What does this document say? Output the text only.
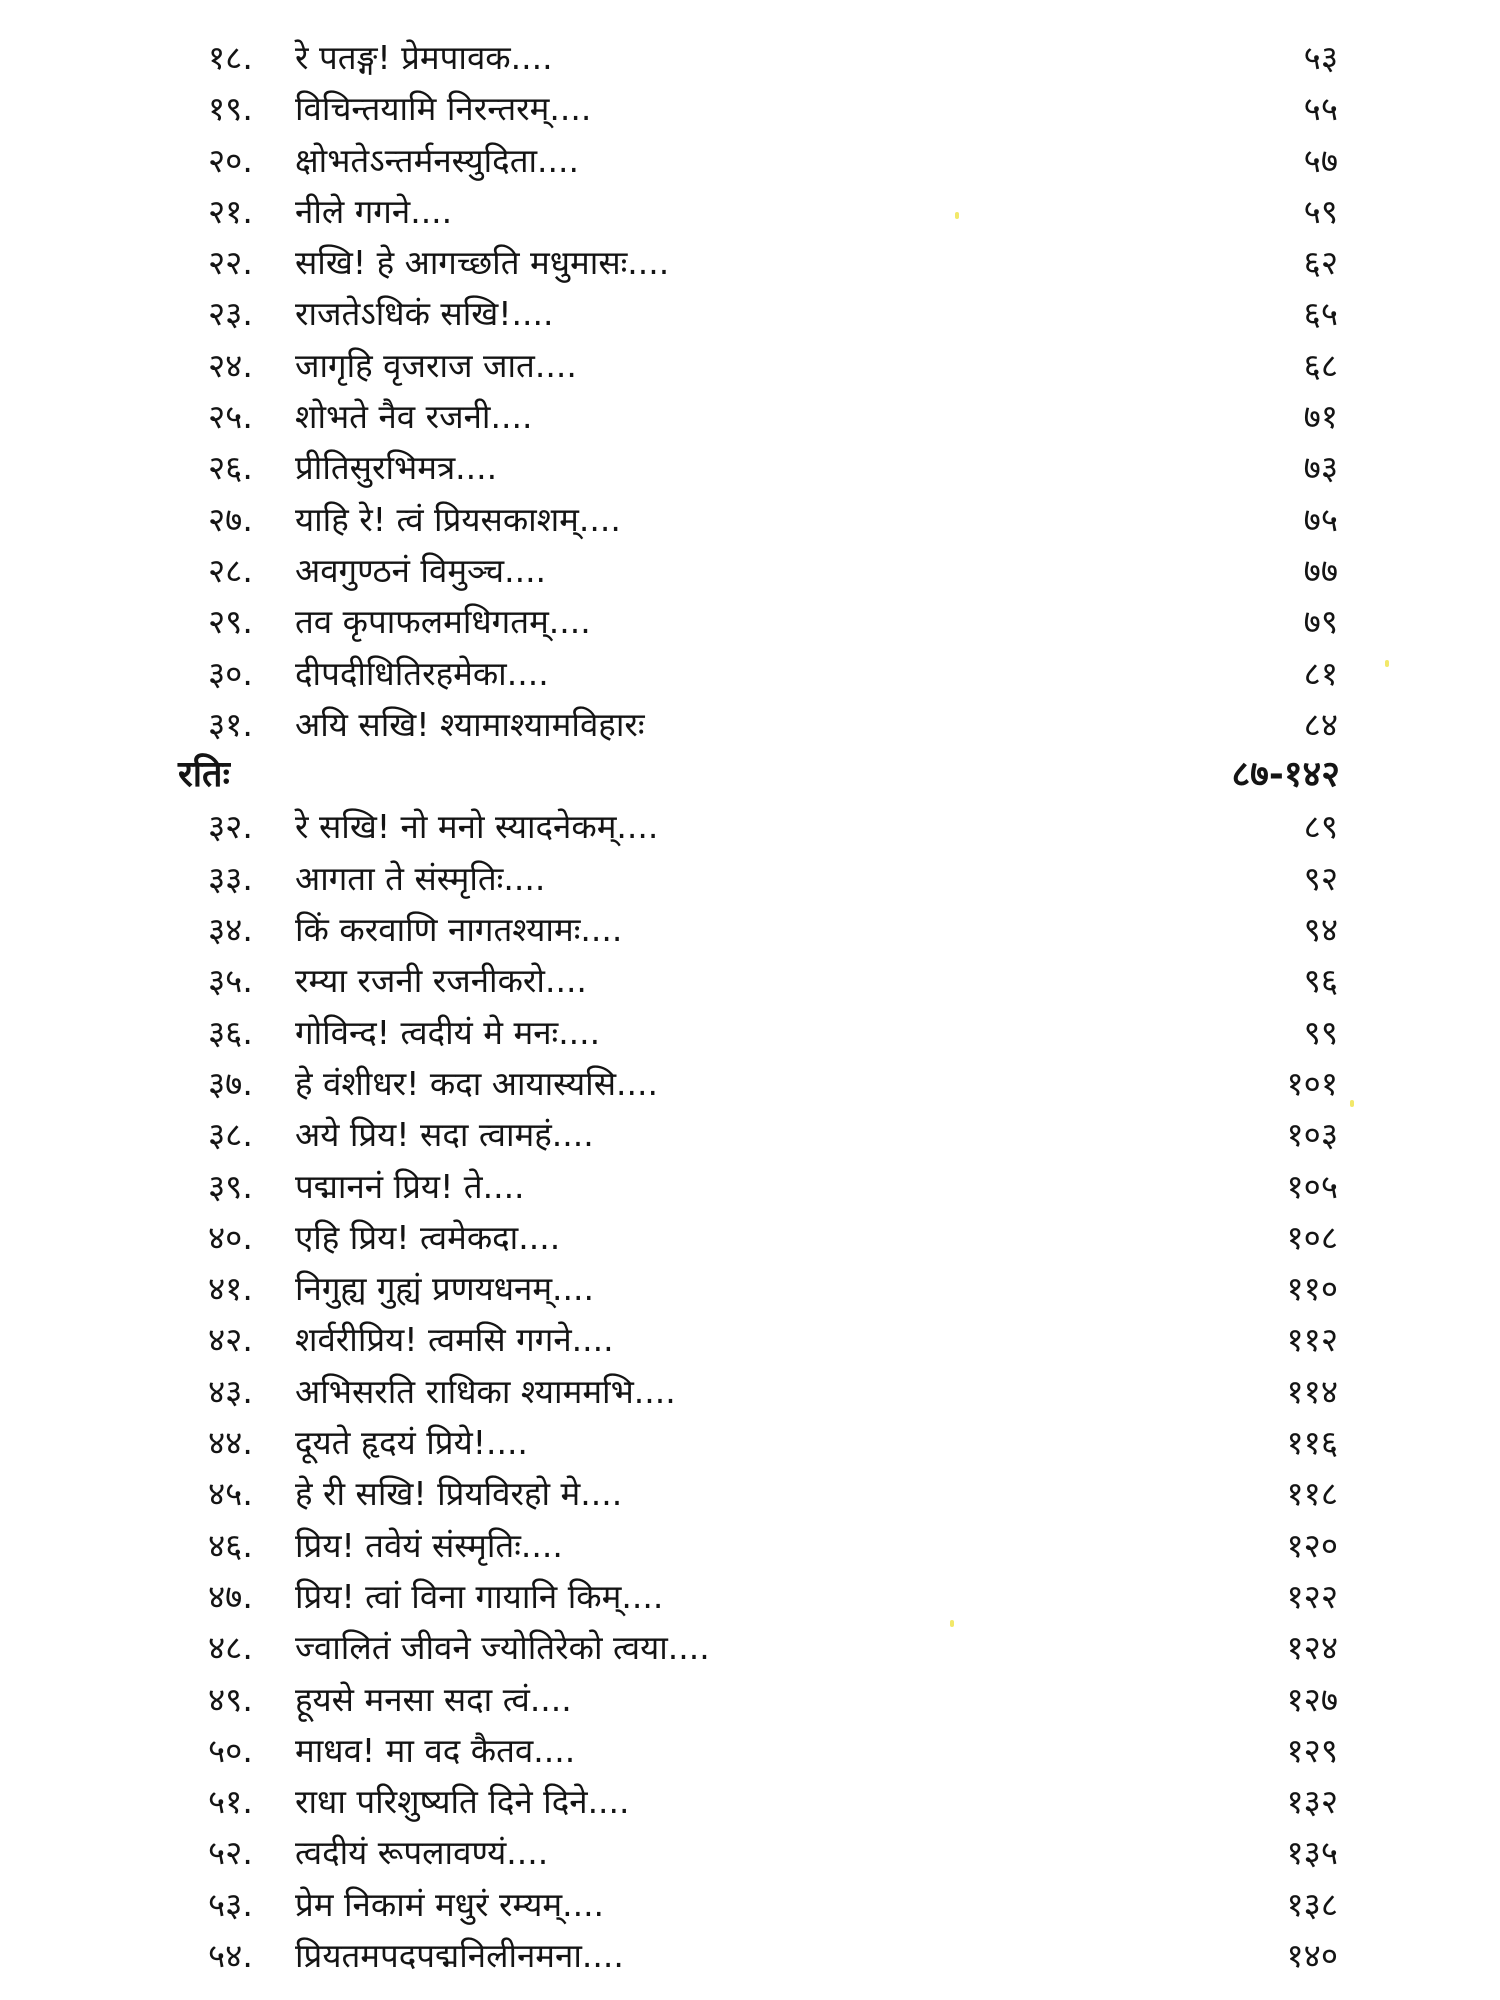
१८. रे पतङ्ग! प्रेमपावक....	५३
१९. विचिन्तयामि निरन्तरम्....	५५
२०. क्षोभतेऽन्तर्मनस्युदिता....	५७
२१. नीले गगने....	५९
२२. सखि! हे आगच्छति मधुमासः....	६२
२३. राजतेऽधिकं सखि!....	६५
२४. जागृहि वृजराज जात....	६८
२५. शोभते नैव रजनी....	७१
२६. प्रीतिसुरभिमत्र....	७३
२७. याहि रे! त्वं प्रियसकाशम्....	७५
२८. अवगुण्ठनं विमुञ्च....	७७
२९. तव कृपाफलमधिगतम्....	७९
३०. दीपदीधितिरहमेका....	८१
३१. अयि सखि! श्यामाश्यामविहारः	८४
रतिः	८७-१४२
३२. रे सखि! नो मनो स्यादनेकम्....	८९
३३. आगता ते संस्मृतिः....	९२
३४. किं करवाणि नागतश्यामः....	९४
३५. रम्या रजनी रजनीकरो....	९६
३६. गोविन्द! त्वदीयं मे मनः....	९९
३७. हे वंशीधर! कदा आयास्यसि....	१०१
३८. अये प्रिय! सदा त्वामहं....	१०३
३९. पद्माननं प्रिय! ते....	१०५
४०. एहि प्रिय! त्वमेकदा....	१०८
४१. निगुह्य गुह्यं प्रणयधनम्....	११०
४२. शर्वरीप्रिय! त्वमसि गगने....	११२
४३. अभिसरति राधिका श्याममभि....	११४
४४. दूयते हृदयं प्रिये!....	११६
४५. हे री सखि! प्रियविरहो मे....	११८
४६. प्रिय! तवेयं संस्मृतिः....	१२०
४७. प्रिय! त्वां विना गायानि किम्....	१२२
४८. ज्वालितं जीवने ज्योतिरेको त्वया....	१२४
४९. हूयसे मनसा सदा त्वं....	१२७
५०. माधव! मा वद कैतव....	१२९
५१. राधा परिशुष्यति दिने दिने....	१३२
५२. त्वदीयं रूपलावण्यं....	१३५
५३. प्रेम निकामं मधुरं रम्यम्....	१३८
५४. प्रियतमपदपद्मनिलीनमना....	१४०
